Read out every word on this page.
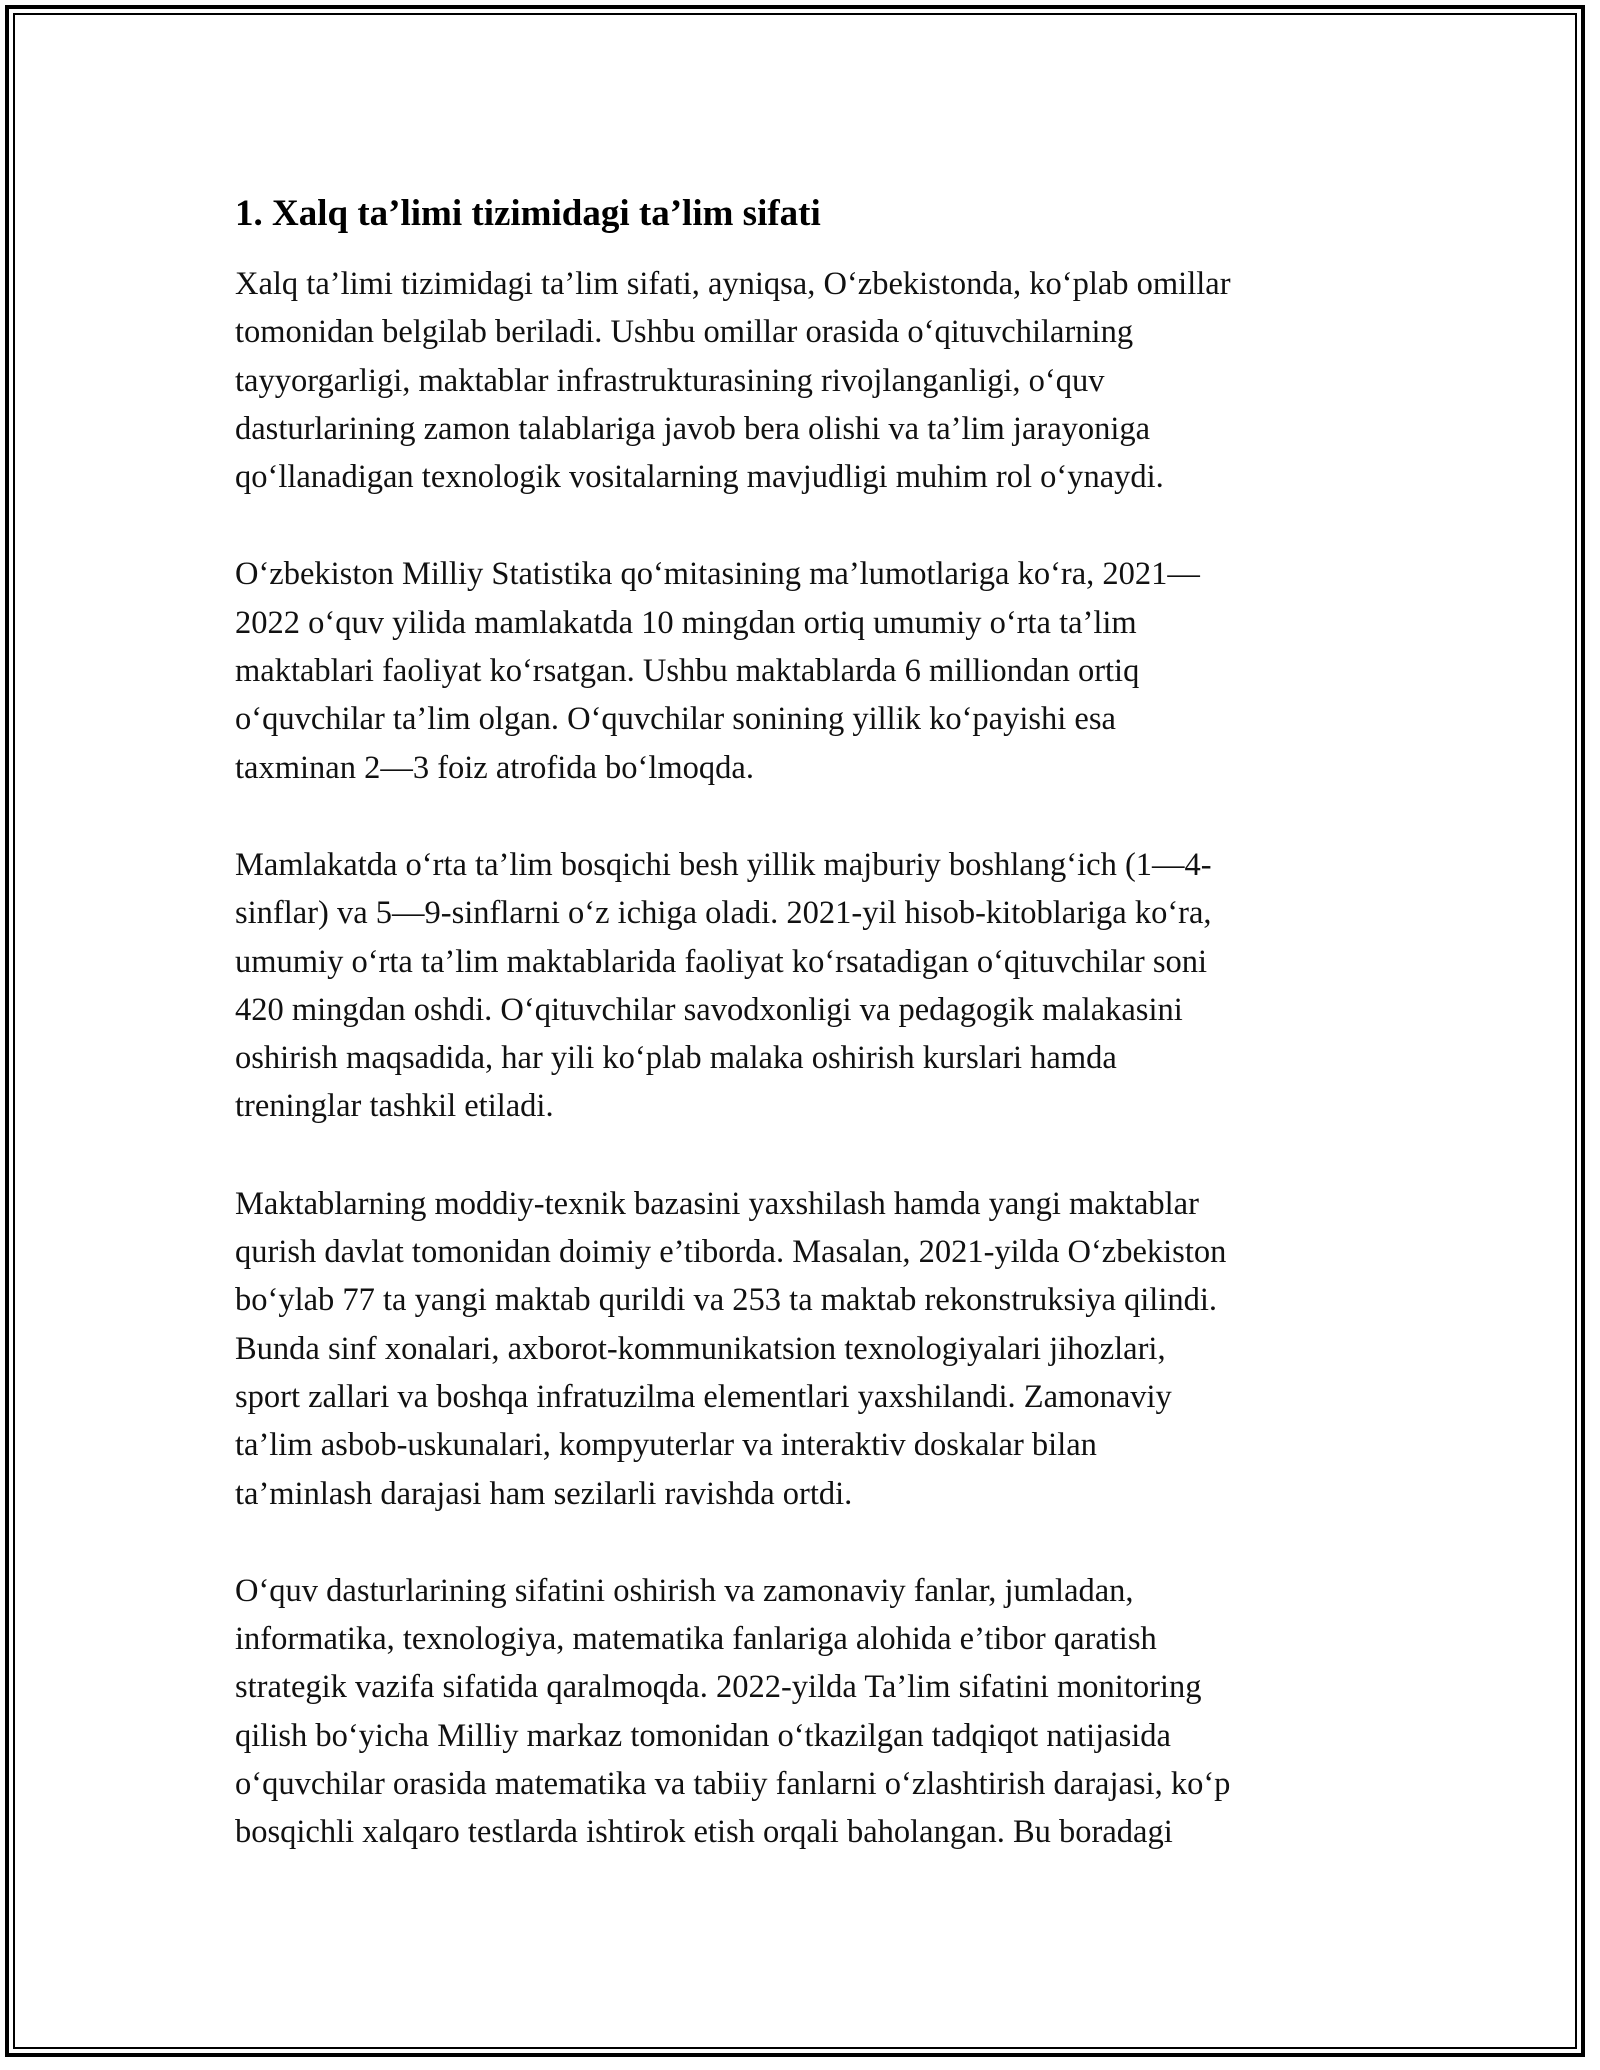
1. Xalq ta’limi tizimidagi ta’lim sifati

Xalq ta’limi tizimidagi ta’lim sifati, ayniqsa, O‘zbekistonda, ko‘plab omillar
tomonidan belgilab beriladi. Ushbu omillar orasida o‘qituvchilarning
tayyorgarligi, maktablar infrastrukturasining rivojlanganligi, o‘quv
dasturlarining zamon talablariga javob bera olishi va ta’lim jarayoniga
qo‘llanadigan texnologik vositalarning mavjudligi muhim rol o‘ynaydi.

O‘zbekiston Milliy Statistika qo‘mitasining ma’lumotlariga ko‘ra, 2021—
2022 o‘quv yilida mamlakatda 10 mingdan ortiq umumiy o‘rta ta’lim
maktablari faoliyat ko‘rsatgan. Ushbu maktablarda 6 milliondan ortiq
o‘quvchilar ta’lim olgan. O‘quvchilar sonining yillik ko‘payishi esa
taxminan 2—3 foiz atrofida bo‘lmoqda.

Mamlakatda o‘rta ta’lim bosqichi besh yillik majburiy boshlang‘ich (1—4-
sinflar) va 5—9-sinflarni o‘z ichiga oladi. 2021-yil hisob-kitoblariga ko‘ra,
umumiy o‘rta ta’lim maktablarida faoliyat ko‘rsatadigan o‘qituvchilar soni
420 mingdan oshdi. O‘qituvchilar savodxonligi va pedagogik malakasini
oshirish maqsadida, har yili ko‘plab malaka oshirish kurslari hamda
treninglar tashkil etiladi.

Maktablarning moddiy-texnik bazasini yaxshilash hamda yangi maktablar
qurish davlat tomonidan doimiy e’tiborda. Masalan, 2021-yilda O‘zbekiston
bo‘ylab 77 ta yangi maktab qurildi va 253 ta maktab rekonstruksiya qilindi.
Bunda sinf xonalari, axborot-kommunikatsion texnologiyalari jihozlari,
sport zallari va boshqa infratuzilma elementlari yaxshilandi. Zamonaviy
ta’lim asbob-uskunalari, kompyuterlar va interaktiv doskalar bilan
ta’minlash darajasi ham sezilarli ravishda ortdi.

O‘quv dasturlarining sifatini oshirish va zamonaviy fanlar, jumladan,
informatika, texnologiya, matematika fanlariga alohida e’tibor qaratish
strategik vazifa sifatida qaralmoqda. 2022-yilda Ta’lim sifatini monitoring
qilish bo‘yicha Milliy markaz tomonidan o‘tkazilgan tadqiqot natijasida
o‘quvchilar orasida matematika va tabiiy fanlarni o‘zlashtirish darajasi, ko‘p
bosqichli xalqaro testlarda ishtirok etish orqali baholangan. Bu boradagi
